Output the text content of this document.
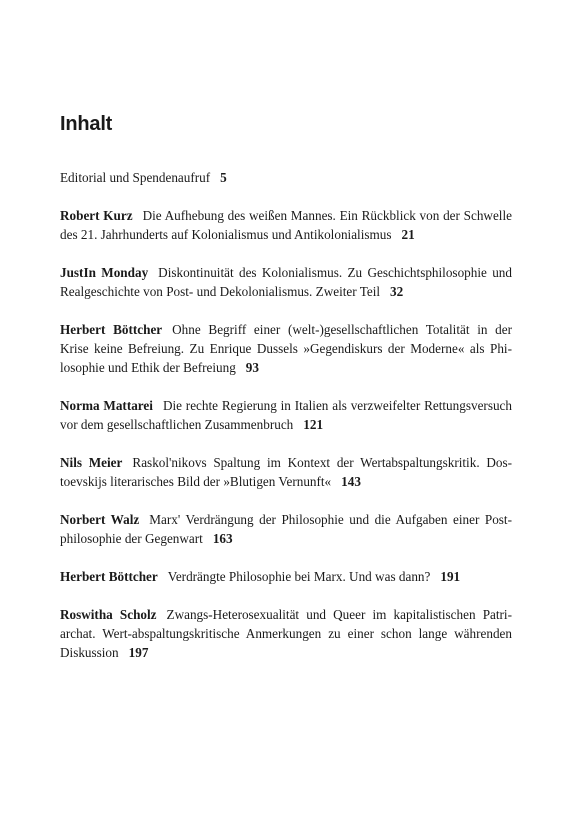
Inhalt

Editorial und Spendenaufruf 5

Robert Kurz Die Aufhebung des weißen Mannes. Ein Rückblick von der Schwelle des 21. Jahrhunderts auf Kolonialismus und Antikolonialismus 21

JustIn Monday Diskontinuität des Kolonialismus. Zu Geschichtsphilosophie und Realgeschichte von Post- und Dekolonialismus. Zweiter Teil 32

Herbert Böttcher Ohne Begriff einer (welt-)gesellschaftlichen Totalität in der Krise keine Befreiung. Zu Enrique Dussels »Gegendiskurs der Moderne« als Philosophie und Ethik der Befreiung 93

Norma Mattarei Die rechte Regierung in Italien als verzweifelter Rettungsversuch vor dem gesellschaftlichen Zusammenbruch 121

Nils Meier Raskol'nikovs Spaltung im Kontext der Wertabspaltungskritik. Dostoevskijs literarisches Bild der »Blutigen Vernunft« 143

Norbert Walz Marx' Verdrängung der Philosophie und die Aufgaben einer Postphilosophie der Gegenwart 163

Herbert Böttcher Verdrängte Philosophie bei Marx. Und was dann? 191

Roswitha Scholz Zwangs-Heterosexualität und Queer im kapitalistischen Patriarchat. Wert-abspaltungskritische Anmerkungen zu einer schon lange währenden Diskussion 197
